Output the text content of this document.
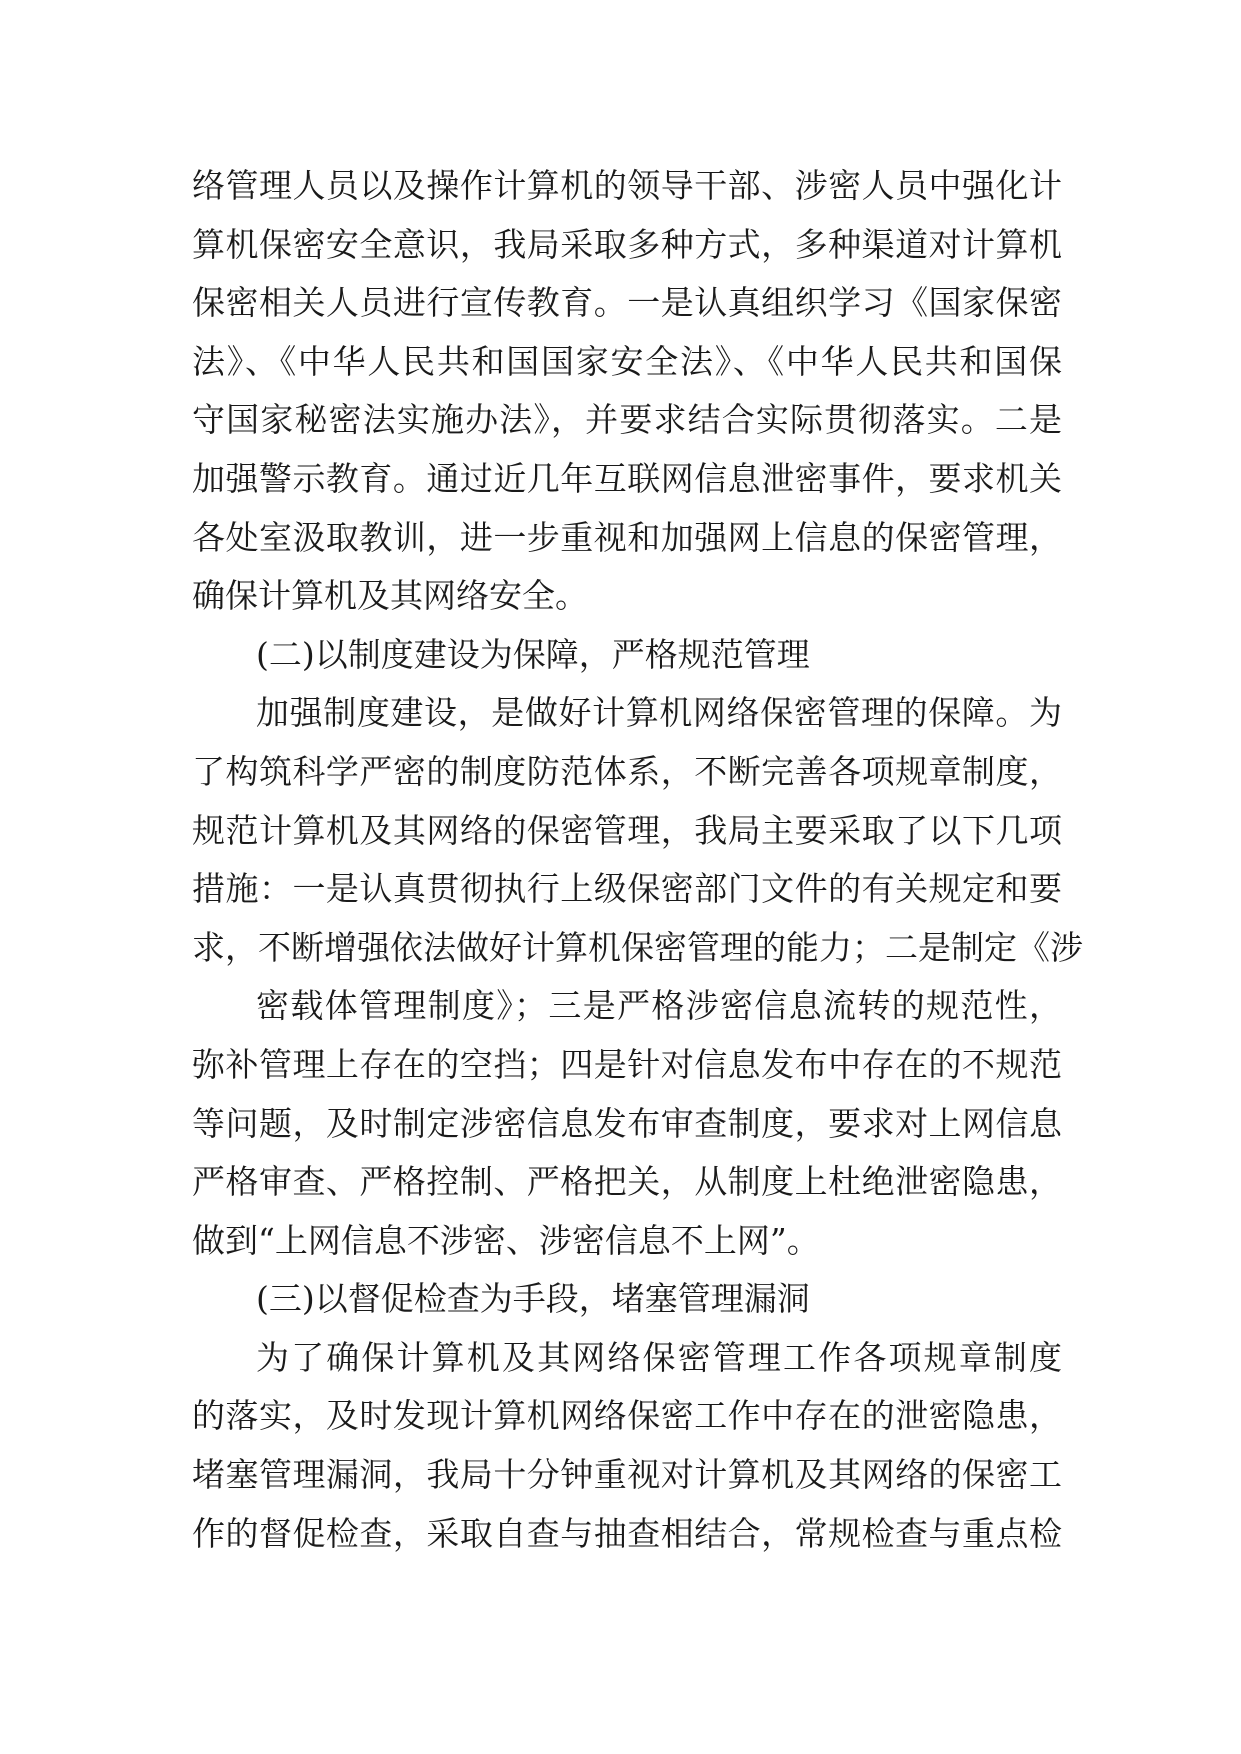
络管理人员以及操作计算机的领导干部、涉密人员中强化计
算机保密安全意识，我局采取多种方式，多种渠道对计算机
保密相关人员进行宣传教育。一是认真组织学习《国家保密
法》、《中华人民共和国国家安全法》、《中华人民共和国保
守国家秘密法实施办法》，并要求结合实际贯彻落实。二是
加强警示教育。通过近几年互联网信息泄密事件，要求机关
各处室汲取教训，进一步重视和加强网上信息的保密管理，
确保计算机及其网络安全。
(二)以制度建设为保障，严格规范管理
加强制度建设，是做好计算机网络保密管理的保障。为
了构筑科学严密的制度防范体系，不断完善各项规章制度，
规范计算机及其网络的保密管理，我局主要采取了以下几项
措施：一是认真贯彻执行上级保密部门文件的有关规定和要
求，不断增强依法做好计算机保密管理的能力；二是制定《涉
密载体管理制度》；三是严格涉密信息流转的规范性，
弥补管理上存在的空挡；四是针对信息发布中存在的不规范
等问题，及时制定涉密信息发布审查制度，要求对上网信息
严格审查、严格控制、严格把关，从制度上杜绝泄密隐患，
做到“上网信息不涉密、涉密信息不上网”。
(三)以督促检查为手段，堵塞管理漏洞
为了确保计算机及其网络保密管理工作各项规章制度
的落实，及时发现计算机网络保密工作中存在的泄密隐患，
堵塞管理漏洞，我局十分钟重视对计算机及其网络的保密工
作的督促检查，采取自查与抽查相结合，常规检查与重点检
